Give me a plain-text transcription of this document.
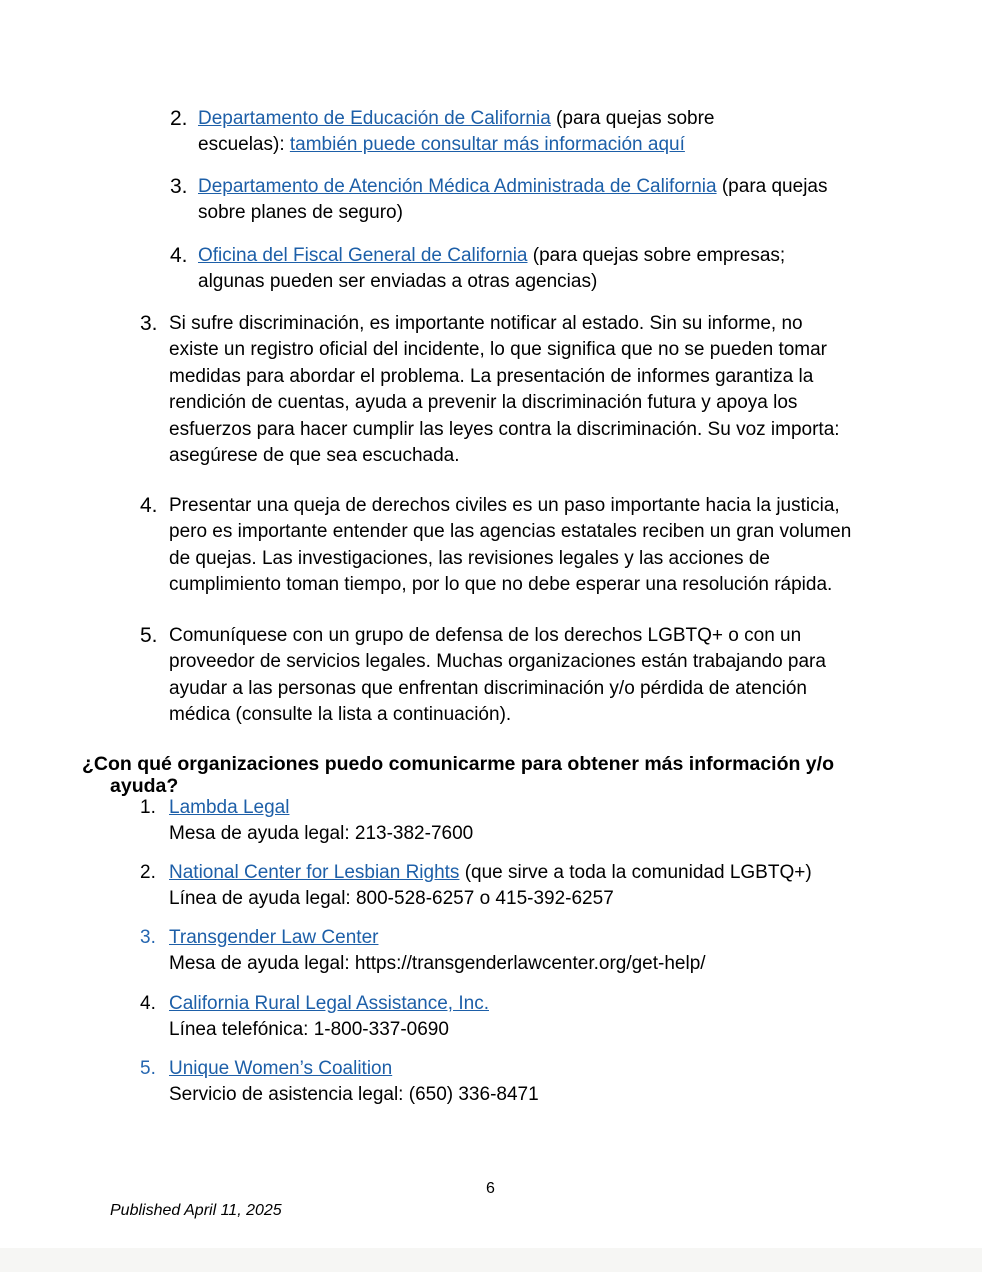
2. Departamento de Educación de California (para quejas sobre
escuelas): también puede consultar más información aquí
3. Departamento de Atención Médica Administrada de California (para quejas
sobre planes de seguro)
4. Oficina del Fiscal General de California (para quejas sobre empresas;
algunas pueden ser enviadas a otras agencias)
3. Si sufre discriminación, es importante notificar al estado. Sin su informe, no
existe un registro oficial del incidente, lo que significa que no se pueden tomar
medidas para abordar el problema. La presentación de informes garantiza la
rendición de cuentas, ayuda a prevenir la discriminación futura y apoya los
esfuerzos para hacer cumplir las leyes contra la discriminación. Su voz importa:
asegúrese de que sea escuchada.
4. Presentar una queja de derechos civiles es un paso importante hacia la justicia,
pero es importante entender que las agencias estatales reciben un gran volumen
de quejas. Las investigaciones, las revisiones legales y las acciones de
cumplimiento toman tiempo, por lo que no debe esperar una resolución rápida.
5. Comuníquese con un grupo de defensa de los derechos LGBTQ+ o con un
proveedor de servicios legales. Muchas organizaciones están trabajando para
ayudar a las personas que enfrentan discriminación y/o pérdida de atención
médica (consulte la lista a continuación).
¿Con qué organizaciones puedo comunicarme para obtener más información y/o
ayuda?
1. Lambda Legal
Mesa de ayuda legal: 213-382-7600
2. National Center for Lesbian Rights (que sirve a toda la comunidad LGBTQ+)
Línea de ayuda legal: 800-528-6257 o 415-392-6257
3. Transgender Law Center
Mesa de ayuda legal: https://transgenderlawcenter.org/get-help/
4. California Rural Legal Assistance, Inc.
Línea telefónica: 1-800-337-0690
5. Unique Women’s Coalition
Servicio de asistencia legal: (650) 336-8471
6
Published April 11, 2025
